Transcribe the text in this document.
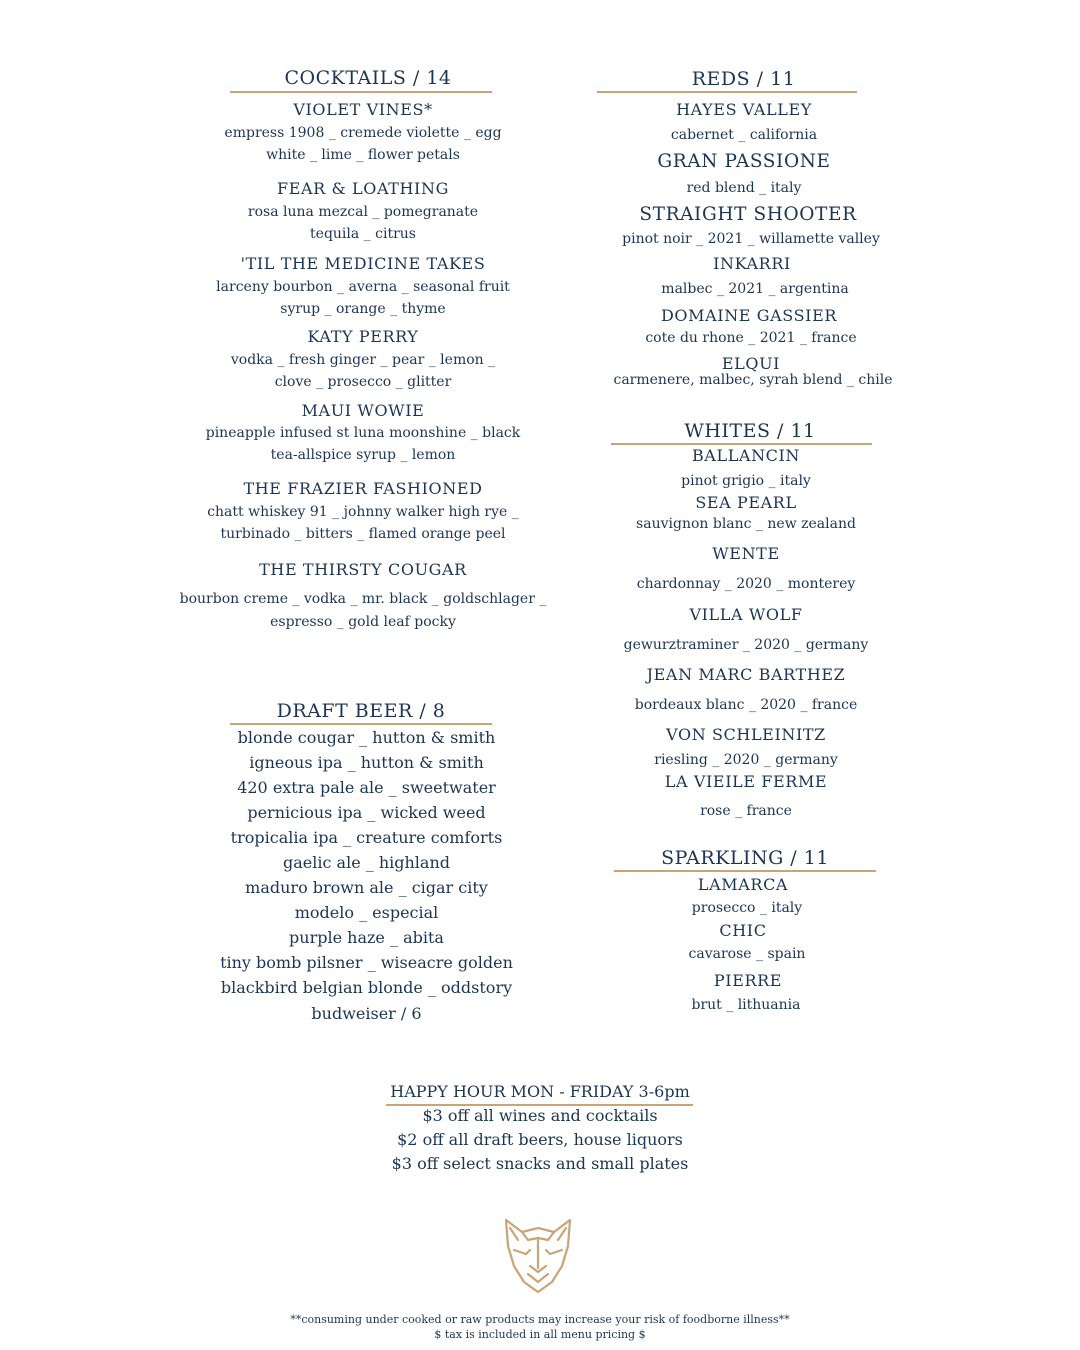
COCKTAILS / 14
VIOLET VINES*
empress 1908 _ cremede violette _ egg
white _ lime _ flower petals
FEAR & LOATHING
rosa luna mezcal _ pomegranate
tequila _ citrus
'TIL THE MEDICINE TAKES
larceny bourbon _ averna _ seasonal fruit
syrup _ orange _ thyme
KATY PERRY
vodka _ fresh ginger _ pear _ lemon _
clove _ prosecco _ glitter
MAUI WOWIE
pineapple infused st luna moonshine _ black
tea-allspice syrup _ lemon
THE FRAZIER FASHIONED
chatt whiskey 91 _ johnny walker high rye _
turbinado _ bitters _ flamed orange peel
THE THIRSTY COUGAR
bourbon creme _ vodka _ mr. black _ goldschlager _
espresso _ gold leaf pocky
DRAFT BEER / 8
blonde cougar _ hutton & smith
igneous ipa _ hutton & smith
420 extra pale ale _ sweetwater
pernicious ipa _ wicked weed
tropicalia ipa _ creature comforts
gaelic ale _ highland
maduro brown ale _ cigar city
modelo _ especial
purple haze _ abita
tiny bomb pilsner _ wiseacre golden
blackbird belgian blonde _ oddstory
budweiser / 6
REDS / 11
HAYES VALLEY
cabernet _ california
GRAN PASSIONE
red blend _ italy
STRAIGHT SHOOTER
pinot noir _ 2021 _ willamette valley
INKARRI
malbec _ 2021 _ argentina
DOMAINE GASSIER
cote du rhone _ 2021 _ france
ELQUI
carmenere, malbec, syrah blend _ chile
WHITES / 11
BALLANCIN
pinot grigio _ italy
SEA PEARL
sauvignon blanc _ new zealand
WENTE
chardonnay _ 2020 _ monterey
VILLA WOLF
gewurztraminer _ 2020 _ germany
JEAN MARC BARTHEZ
bordeaux blanc _ 2020 _ france
VON SCHLEINITZ
riesling _ 2020 _ germany
LA VIEILE FERME
rose _ france
SPARKLING / 11
LAMARCA
prosecco _ italy
CHIC
cavarose _ spain
PIERRE
brut _ lithuania
HAPPY HOUR MON - FRIDAY 3-6pm
$3 off all wines and cocktails
$2 off all draft beers, house liquors
$3 off select snacks and small plates
**consuming under cooked or raw products may increase your risk of foodborne illness**
$ tax is included in all menu pricing $
